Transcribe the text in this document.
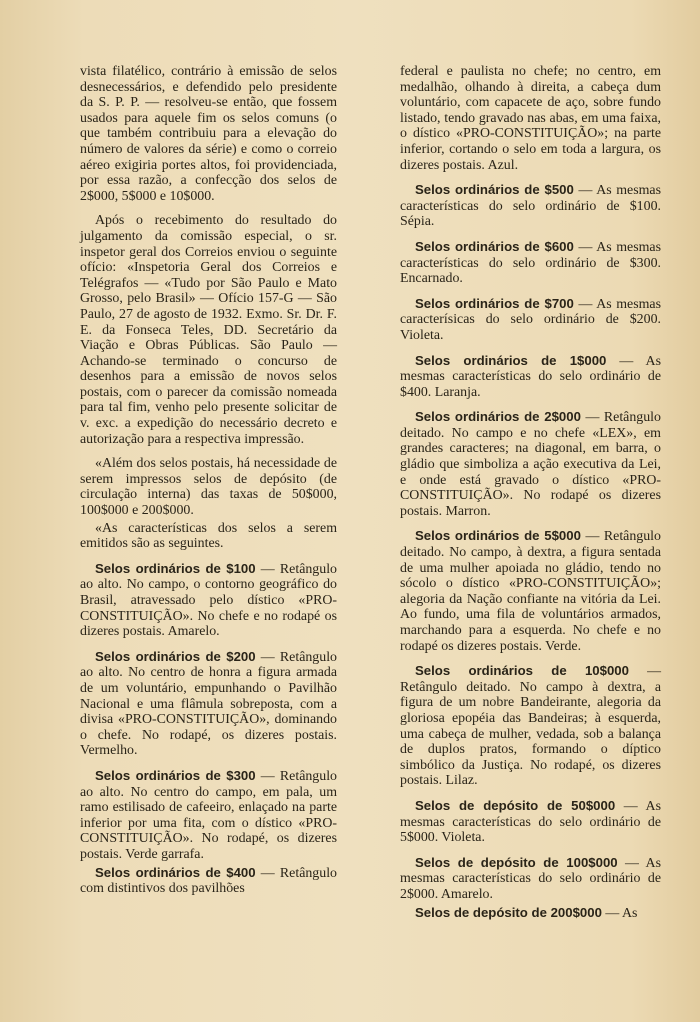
vista filatélico, contrário à emissão de selos desnecessários, e defendido pelo presidente da S. P. P. — resolveu-se então, que fossem usados para aquele fim os selos comuns (o que também contribuiu para a elevação do número de valores da série) e como o correio aéreo exigiria portes altos, foi providenciada, por essa razão, a confecção dos selos de 2$000, 5$000 e 10$000.

Após o recebimento do resultado do julgamento da comissão especial, o sr. inspetor geral dos Correios enviou o seguinte ofício: «Inspetoria Geral dos Correios e Telégrafos — «Tudo por São Paulo e Mato Grosso, pelo Brasil» — Ofício 157-G — São Paulo, 27 de agosto de 1932. Exmo. Sr. Dr. F. E. da Fonseca Teles, DD. Secretário da Viação e Obras Públicas. São Paulo — Achando-se terminado o concurso de desenhos para a emissão de novos selos postais, com o parecer da comissão nomeada para tal fim, venho pelo presente solicitar de v. exc. a expedição do necessário decreto e autorização para a respectiva impressão.

«Além dos selos postais, há necessidade de serem impressos selos de depósito (de circulação interna) das taxas de 50$000, 100$000 e 200$000.

«As características dos selos a serem emitidos são as seguintes.

Selos ordinários de $100 — Retângulo ao alto. No campo, o contorno geográfico do Brasil, atravessado pelo dístico «PRO-CONSTITUIÇÃO». No chefe e no rodapé os dizeres postais. Amarelo.

Selos ordinários de $200 — Retângulo ao alto. No centro de honra a figura armada de um voluntário, empunhando o Pavilhão Nacional e uma flâmula sobreposta, com a divisa «PRO-CONSTITUIÇÃO», dominando o chefe. No rodapé, os dizeres postais. Vermelho.

Selos ordinários de $300 — Retângulo ao alto. No centro do campo, em pala, um ramo estilisado de cafeeiro, enlaçado na parte inferior por uma fita, com o dístico «PRO-CONSTITUIÇÃO». No rodapé, os dizeres postais. Verde garrafa.

Selos ordinários de $400 — Retângulo com distintivos dos pavilhões

federal e paulista no chefe; no centro, em medalhão, olhando à direita, a cabeça dum voluntário, com capacete de aço, sobre fundo listado, tendo gravado nas abas, em uma faixa, o dístico «PRO-CONSTITUIÇÃO»; na parte inferior, cortando o selo em toda a largura, os dizeres postais. Azul.

Selos ordinários de $500 — As mesmas características do selo ordinário de $100. Sépia.

Selos ordinários de $600 — As mesmas características do selo ordinário de $300. Encarnado.

Selos ordinários de $700 — As mesmas caracterísicas do selo ordinário de $200. Violeta.

Selos ordinários de 1$000 — As mesmas características do selo ordinário de $400. Laranja.

Selos ordinários de 2$000 — Retângulo deitado. No campo e no chefe «LEX», em grandes caracteres; na diagonal, em barra, o gládio que simboliza a ação executiva da Lei, e onde está gravado o dístico «PRO-CONSTITUIÇÃO». No rodapé os dizeres postais. Marron.

Selos ordinários de 5$000 — Retângulo deitado. No campo, à dextra, a figura sentada de uma mulher apoiada no gládio, tendo no sócolo o dístico «PRO-CONSTITUIÇÃO»; alegoria da Nação confiante na vitória da Lei. Ao fundo, uma fila de voluntários armados, marchando para a esquerda. No chefe e no rodapé os dizeres postais. Verde.

Selos ordinários de 10$000 — Retângulo deitado. No campo à dextra, a figura de um nobre Bandeirante, alegoria da gloriosa epopéia das Bandeiras; à esquerda, uma cabeça de mulher, vedada, sob a balança de duplos pratos, formando o díptico simbólico da Justiça. No rodapé, os dizeres postais. Lilaz.

Selos de depósito de 50$000 — As mesmas características do selo ordinário de 5$000. Violeta.

Selos de depósito de 100$000 — As mesmas características do selo ordinário de 2$000. Amarelo.

Selos de depósito de 200$000 — As
